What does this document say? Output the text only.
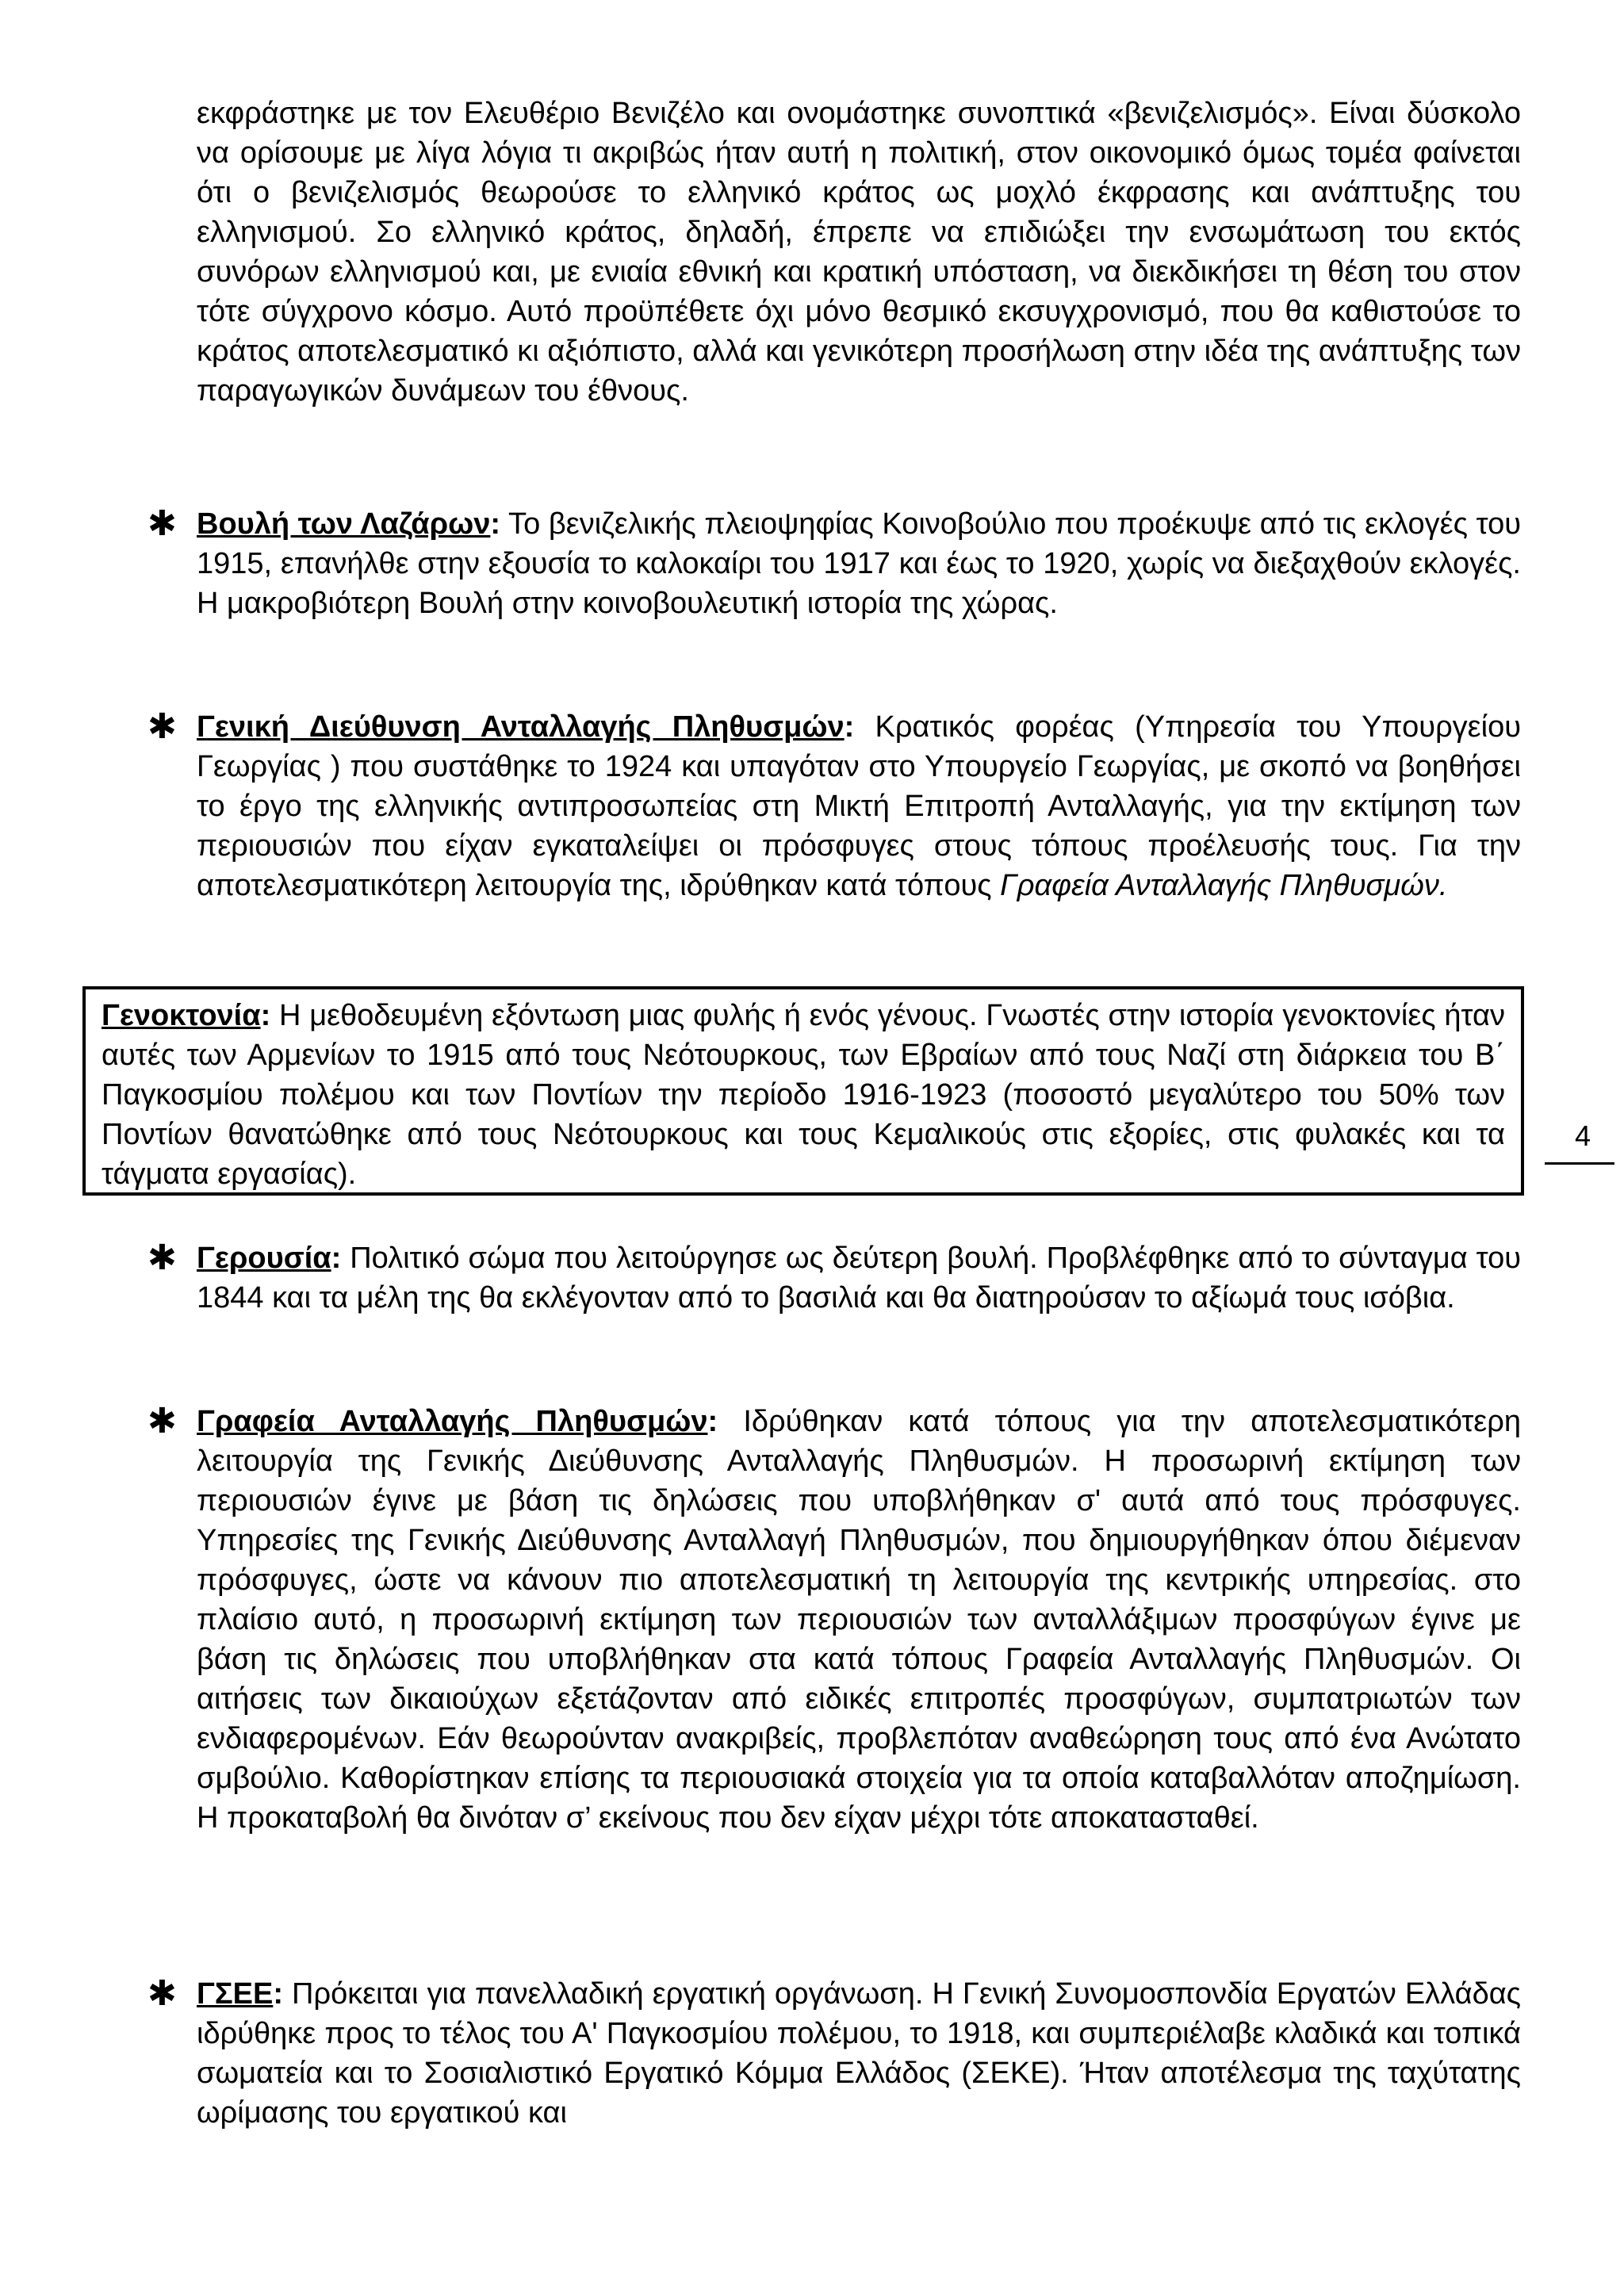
εκφράστηκε με τον Ελευθέριο Βενιζέλο και ονομάστηκε συνοπτικά «βενιζελισμός». Είναι δύσκολο να ορίσουμε με λίγα λόγια τι ακριβώς ήταν αυτή η πολιτική, στον οικονομικό όμως τομέα φαίνεται ότι ο βενιζελισμός θεωρούσε το ελληνικό κράτος ως μοχλό έκφρασης και ανάπτυξης του ελληνισμού. Σο ελληνικό κράτος, δηλαδή, έπρεπε να επιδιώξει την ενσωμάτωση του εκτός συνόρων ελληνισμού και, με ενιαία εθνική και κρατική υπόσταση, να διεκδικήσει τη θέση του στον τότε σύγχρονο κόσμο. Αυτό προϋπέθετε όχι μόνο θεσμικό εκσυγχρονισμό, που θα καθιστούσε το κράτος αποτελεσματικό κι αξιόπιστο, αλλά και γενικότερη προσήλωση στην ιδέα της ανάπτυξης των παραγωγικών δυνάμεων του έθνους.

✱ Βουλή των Λαζάρων: Το βενιζελικής πλειοψηφίας Κοινοβούλιο που προέκυψε από τις εκλογές του 1915, επανήλθε στην εξουσία το καλοκαίρι του 1917 και έως το 1920, χωρίς να διεξαχθούν εκλογές. Η μακροβιότερη Βουλή στην κοινοβουλευτική ιστορία της χώρας.
✱ Γενική Διεύθυνση Ανταλλαγής Πληθυσμών: Κρατικός φορέας (Υπηρεσία του Υπουργείου Γεωργίας ) που συστάθηκε το 1924 και υπαγόταν στο Υπουργείο Γεωργίας, με σκοπό να βοηθήσει το έργο της ελληνικής αντιπροσωπείας στη Μικτή Επιτροπή Ανταλλαγής, για την εκτίμηση των περιουσιών που είχαν εγκαταλείψει οι πρόσφυγες στους τόπους προέλευσής τους. Για την αποτελεσματικότερη λειτουργία της, ιδρύθηκαν κατά τόπους Γραφεία Ανταλλαγής Πληθυσμών.
Γενοκτονία: Η μεθοδευμένη εξόντωση μιας φυλής ή ενός γένους. Γνωστές στην ιστορία γενοκτονίες ήταν αυτές των Αρμενίων το 1915 από τους Νεότουρκους, των Εβραίων από τους Ναζί στη διάρκεια του Β΄ Παγκοσμίου πολέμου και των Ποντίων την περίοδο 1916-1923 (ποσοστό μεγαλύτερο του 50% των Ποντίων θανατώθηκε από τους Νεότουρκους και τους Κεμαλικούς στις εξορίες, στις φυλακές και τα τάγματα εργασίας).
4
✱ Γερουσία: Πολιτικό σώμα που λειτούργησε ως δεύτερη βουλή. Προβλέφθηκε από το σύνταγμα του 1844 και τα μέλη της θα εκλέγονταν από το βασιλιά και θα διατηρούσαν το αξίωμά τους ισόβια.
✱ Γραφεία Ανταλλαγής Πληθυσμών: Ιδρύθηκαν κατά τόπους για την αποτελεσματικότερη λειτουργία της Γενικής Διεύθυνσης Ανταλλαγής Πληθυσμών. Η προσωρινή εκτίμηση των περιουσιών έγινε με βάση τις δηλώσεις που υποβλήθηκαν σ' αυτά από τους πρόσφυγες. Υπηρεσίες της Γενικής Διεύθυνσης Ανταλλαγή Πληθυσμών, που δημιουργήθηκαν όπου διέμεναν πρόσφυγες, ώστε να κάνουν πιο αποτελεσματική τη λειτουργία της κεντρικής υπηρεσίας. στο πλαίσιο αυτό, η προσωρινή εκτίμηση των περιουσιών των ανταλλάξιμων προσφύγων έγινε με βάση τις δηλώσεις που υποβλήθηκαν στα κατά τόπους Γραφεία Ανταλλαγής Πληθυσμών. Οι αιτήσεις των δικαιούχων εξετάζονταν από ειδικές επιτροπές προσφύγων, συμπατριωτών των ενδιαφερομένων. Εάν θεωρούνταν ανακριβείς, προβλεπόταν αναθεώρηση τους από ένα Ανώτατο σμβούλιο. Καθορίστηκαν επίσης τα περιουσιακά στοιχεία για τα οποία καταβαλλόταν αποζημίωση. Η προκαταβολή θα δινόταν σ’ εκείνους που δεν είχαν μέχρι τότε αποκατασταθεί.
✱ ΓΣΕΕ: Πρόκειται για πανελλαδική εργατική οργάνωση. Η Γενική Συνομοσπονδία Εργατών Ελλάδας ιδρύθηκε προς το τέλος του Α' Παγκοσμίου πολέμου, το 1918, και συμπεριέλαβε κλαδικά και τοπικά σωματεία και το Σοσιαλιστικό Εργατικό Κόμμα Ελλάδος (ΣΕΚΕ). Ήταν αποτέλεσμα της ταχύτατης ωρίμασης του εργατικού και
